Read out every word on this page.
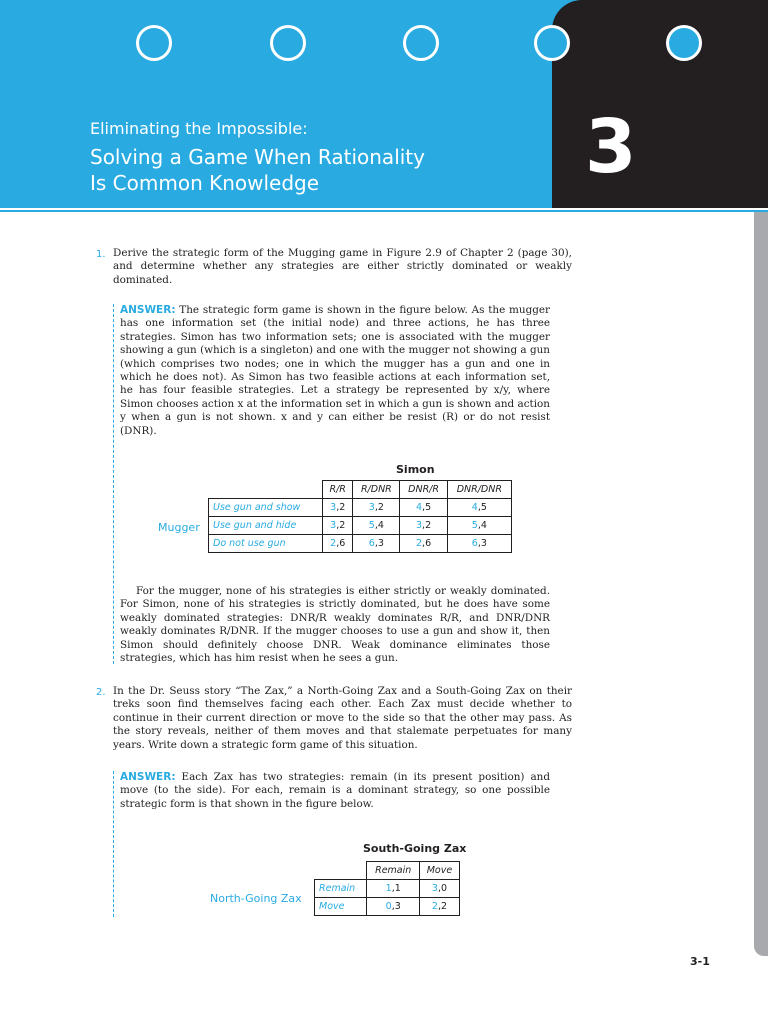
Eliminating the Impossible:
Solving a Game When Rationality
Is Common Knowledge	3
1. Derive the strategic form of the Mugging game in Figure 2.9 of Chapter 2 (page 30), and determine whether any strategies are either strictly dominated or weakly dominated.
ANSWER: The strategic form game is shown in the figure below. As the mugger has one information set (the initial node) and three actions, he has three strategies. Simon has two information sets; one is associated with the mugger showing a gun (which is a singleton) and one with the mugger not showing a gun (which comprises two nodes; one in which the mugger has a gun and one in which he does not). As Simon has two feasible actions at each information set, he has four feasible strategies. Let a strategy be represented by x/y, where Simon chooses action x at the information set in which a gun is shown and action y when a gun is not shown. x and y can either be resist (R) or do not resist (DNR).
Simon
Mugger
	R/R	R/DNR	DNR/R	DNR/DNR
Use gun and show	3,2	3,2	4,5	4,5
Use gun and hide	3,2	5,4	3,2	5,4
Do not use gun	2,6	6,3	2,6	6,3
For the mugger, none of his strategies is either strictly or weakly dominated. For Simon, none of his strategies is strictly dominated, but he does have some weakly dominated strategies: DNR/R weakly dominates R/R, and DNR/DNR weakly dominates R/DNR. If the mugger chooses to use a gun and show it, then Simon should definitely choose DNR. Weak dominance eliminates those strategies, which has him resist when he sees a gun.
2. In the Dr. Seuss story “The Zax,” a North-Going Zax and a South-Going Zax on their treks soon find themselves facing each other. Each Zax must decide whether to continue in their current direction or move to the side so that the other may pass. As the story reveals, neither of them moves and that stalemate perpetuates for many years. Write down a strategic form game of this situation.
ANSWER: Each Zax has two strategies: remain (in its present position) and move (to the side). For each, remain is a dominant strategy, so one possible strategic form is that shown in the figure below.
South-Going Zax
North-Going Zax
	Remain	Move
Remain	1,1	3,0
Move	0,3	2,2
3-1
